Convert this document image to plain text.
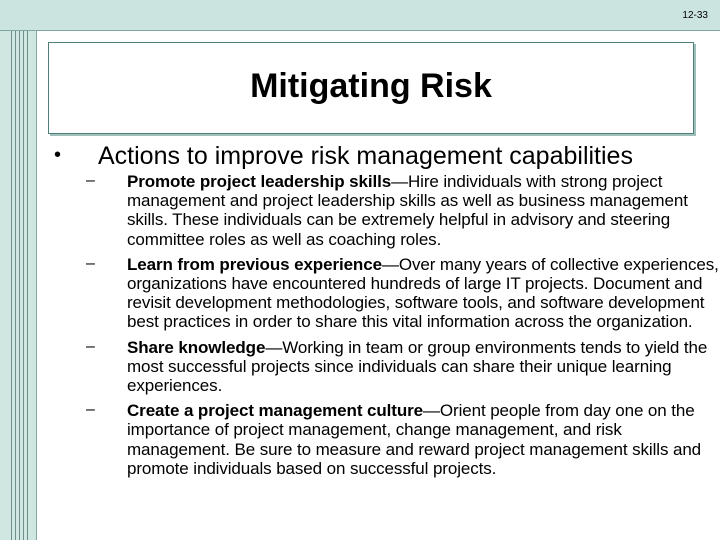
12-33
Mitigating Risk
• Actions to improve risk management capabilities
– Promote project leadership skills—Hire individuals with strong project management and project leadership skills as well as business management skills. These individuals can be extremely helpful in advisory and steering committee roles as well as coaching roles.
– Learn from previous experience—Over many years of collective experiences, organizations have encountered hundreds of large IT projects. Document and revisit development methodologies, software tools, and software development best practices in order to share this vital information across the organization.
– Share knowledge—Working in team or group environments tends to yield the most successful projects since individuals can share their unique learning experiences.
– Create a project management culture—Orient people from day one on the importance of project management, change management, and risk management. Be sure to measure and reward project management skills and promote individuals based on successful projects.
